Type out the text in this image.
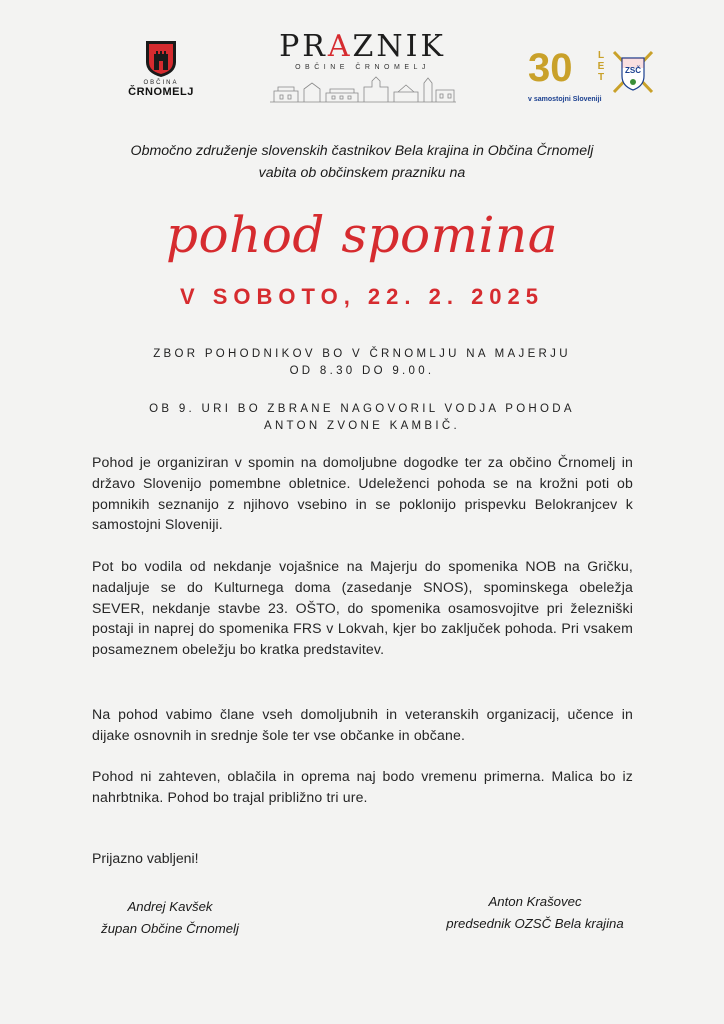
OBČINA
ČRNOMELJ
PRAZNIK
OBČINE ČRNOMELJ	30	L
E
T
ZSČ
v samostojni Sloveniji
Območno združenje slovenskih častnikov Bela krajina in Občina Črnomelj
vabita ob občinskem prazniku na
pohod spomina
V SOBOTO, 22. 2. 2025
ZBOR POHODNIKOV BO V ČRNOMLJU NA MAJERJU
OD 8.30 DO 9.00.
OB 9. URI BO ZBRANE NAGOVORIL VODJA POHODA
ANTON ZVONE KAMBIČ.
Pohod je organiziran v spomin na domoljubne dogodke ter za občino Črnomelj in državo Slovenijo pomembne obletnice. Udeleženci pohoda se na krožni poti ob pomnikih seznanijo z njihovo vsebino in se poklonijo prispevku Belokranjcev k samostojni Sloveniji.
Pot bo vodila od nekdanje vojašnice na Majerju do spomenika NOB na Gričku, nadaljuje se do Kulturnega doma (zasedanje SNOS), spominskega obeležja SEVER, nekdanje stavbe 23. OŠTO, do spomenika osamosvojitve pri železniški postaji in naprej do spomenika FRS v Lokvah, kjer bo zaključek pohoda. Pri vsakem posameznem obeležju bo kratka predstavitev.
Na pohod vabimo člane vseh domoljubnih in veteranskih organizacij, učence in dijake osnovnih in srednje šole ter vse občanke in občane.
Pohod ni zahteven, oblačila in oprema naj bodo vremenu primerna. Malica bo iz nahrbtnika. Pohod bo trajal približno tri ure.
Prijazno vabljeni!
Andrej Kavšek
župan Občine Črnomelj
Anton Krašovec
predsednik OZSČ Bela krajina
